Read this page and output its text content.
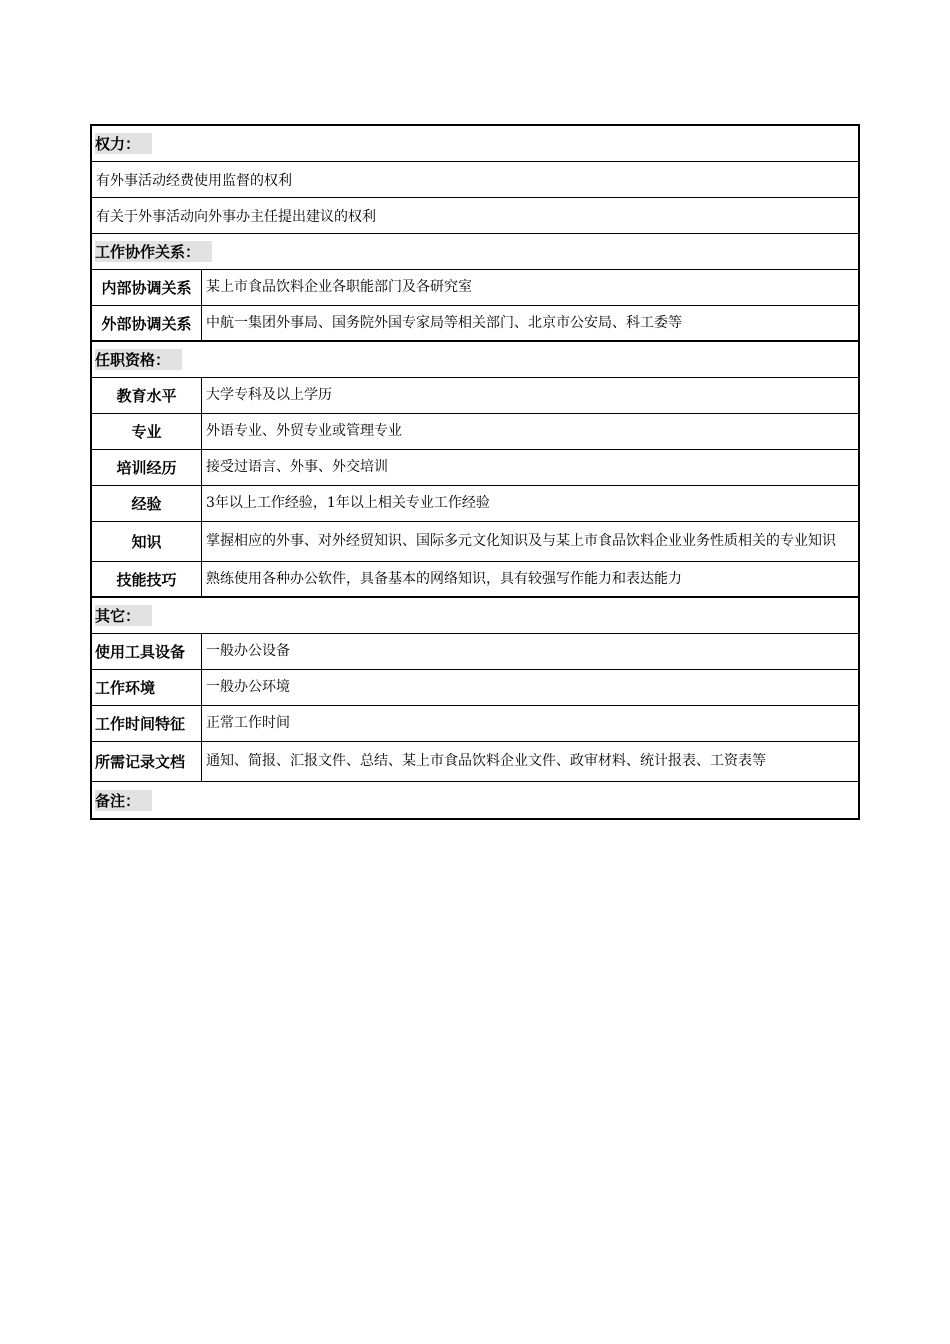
权力：
有外事活动经费使用监督的权利
有关于外事活动向外事办主任提出建议的权利
工作协作关系：
内部协调关系	某上市食品饮料企业各职能部门及各研究室
外部协调关系	中航一集团外事局、国务院外国专家局等相关部门、北京市公安局、科工委等
任职资格：
教育水平	大学专科及以上学历
专业	外语专业、外贸专业或管理专业
培训经历	接受过语言、外事、外交培训
经验	3年以上工作经验，1年以上相关专业工作经验
知识	掌握相应的外事、对外经贸知识、国际多元文化知识及与某上市食品饮料企业业务性质相关的专业知识
技能技巧	熟练使用各种办公软件，具备基本的网络知识，具有较强写作能力和表达能力
其它：
使用工具设备	一般办公设备
工作环境	一般办公环境
工作时间特征	正常工作时间
所需记录文档	通知、简报、汇报文件、总结、某上市食品饮料企业文件、政审材料、统计报表、工资表等
备注：
